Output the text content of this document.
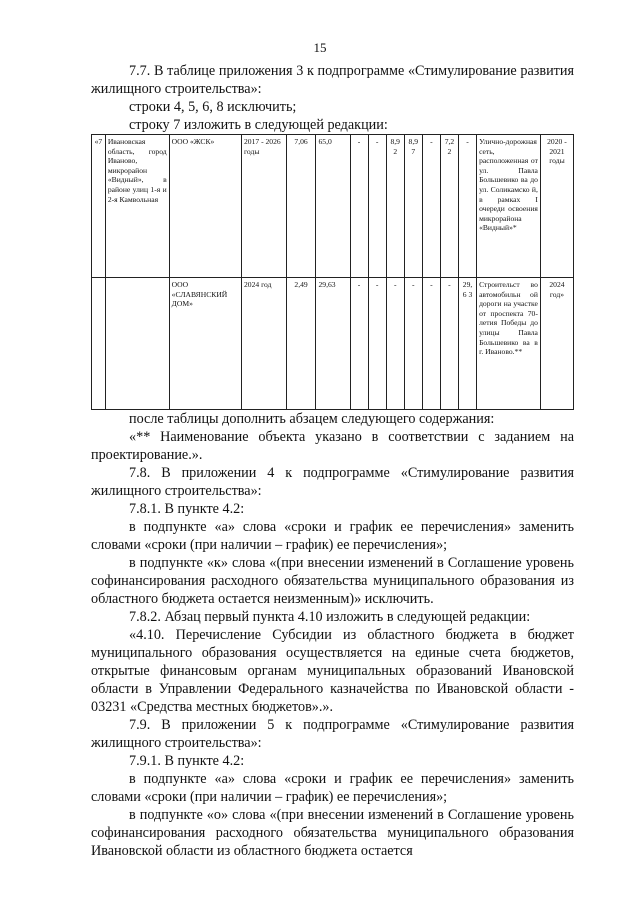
15

7.7. В таблице приложения 3 к подпрограмме «Стимулирование развития жилищного строительства»:

строки 4, 5, 6, 8 исключить;

строку 7 изложить в следующей редакции:

«7	Ивановская область, город Иваново, микрорайон «Видный», в районе улиц 1-я и 2-я Камвольная	ООО «ЖСК»	2017 - 2026 годы	7,06	65,0	-	-	8,9 2	8,9 7	-	7,2 2	-	Улично-дорожная сеть, расположенная от ул. Павла Большевико ва до ул. Соликамско й, в рамках I очереди освоения микрорайона «Видный»*	2020 - 2021 годы
		ООО «СЛАВЯНСКИЙ ДОМ»	2024 год	2,49	29,63	-	-	-	-	-	-	29,6 3	Строительст во автомобильн ой дороги на участке от проспекта 70-летия Победы до улицы Павла Большевико ва в г. Иваново.**	2024 год»

после таблицы дополнить абзацем следующего содержания:

«** Наименование объекта указано в соответствии с заданием на проектирование.».

7.8. В приложении 4 к подпрограмме «Стимулирование развития жилищного строительства»:

7.8.1. В пункте 4.2:

в подпункте «а» слова «сроки и график ее перечисления» заменить словами «сроки (при наличии – график) ее перечисления»;

в подпункте «к» слова «(при внесении изменений в Соглашение уровень софинансирования расходного обязательства муниципального образования из областного бюджета остается неизменным)» исключить.

7.8.2. Абзац первый пункта 4.10 изложить в следующей редакции:

«4.10. Перечисление Субсидии из областного бюджета в бюджет муниципального образования осуществляется на единые счета бюджетов, открытые финансовым органам муниципальных образований Ивановской области в Управлении Федерального казначейства по Ивановской области - 03231 «Средства местных бюджетов».».

7.9. В приложении 5 к подпрограмме «Стимулирование развития жилищного строительства»:

7.9.1. В пункте 4.2:

в подпункте «а» слова «сроки и график ее перечисления» заменить словами «сроки (при наличии – график) ее перечисления»;

в подпункте «о» слова «(при внесении изменений в Соглашение уровень софинансирования расходного обязательства муниципального образования Ивановской области из областного бюджета остается
